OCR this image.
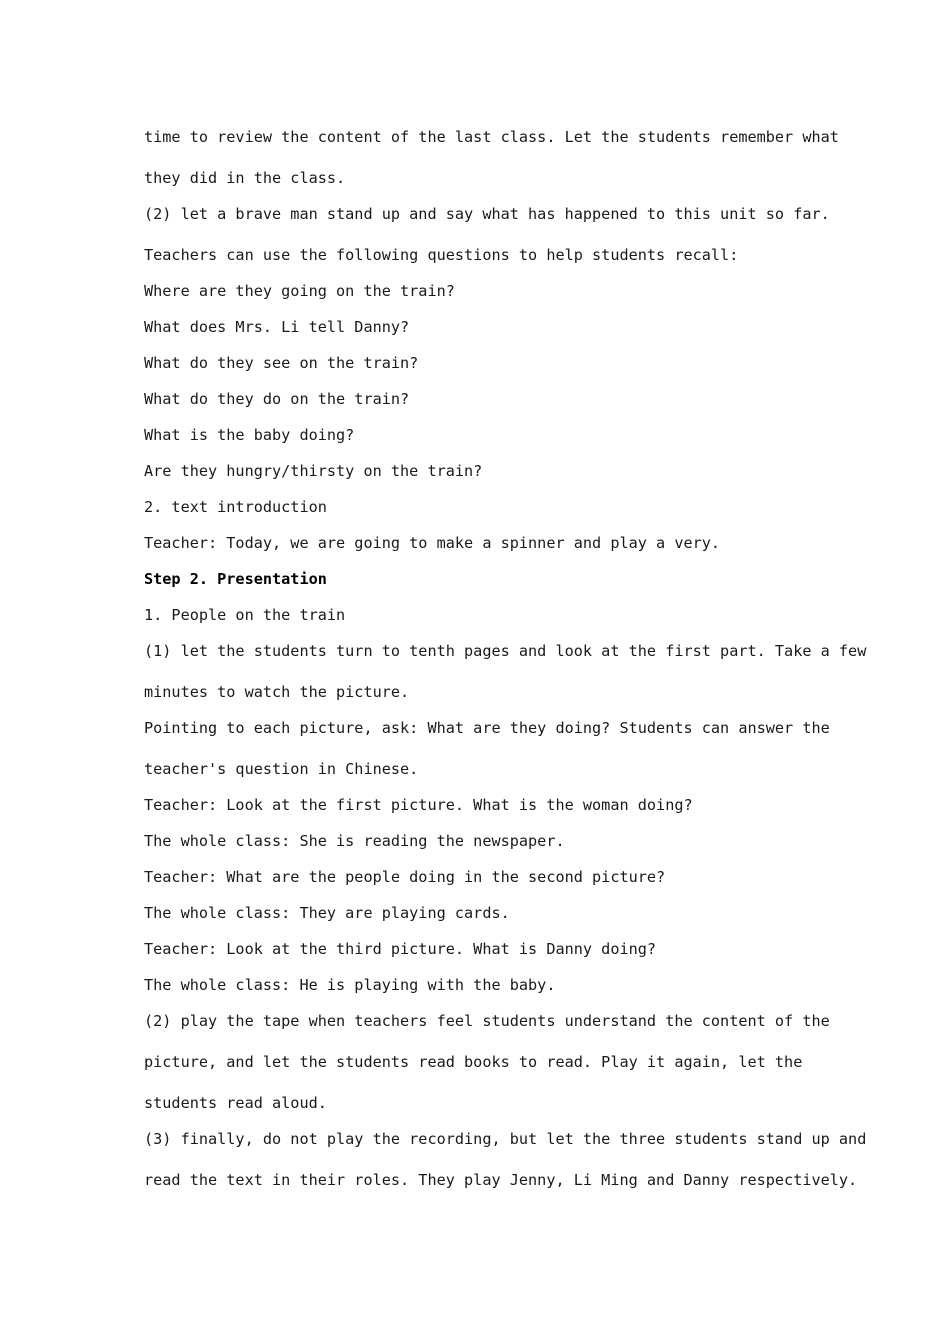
time to review the content of the last class. Let the students remember what
they did in the class.
(2) let a brave man stand up and say what has happened to this unit so far.
Teachers can use the following questions to help students recall:
Where are they going on the train?
What does Mrs. Li tell Danny?
What do they see on the train?
What do they do on the train?
What is the baby doing?
Are they hungry/thirsty on the train?
2. text introduction
Teacher: Today, we are going to make a spinner and play a very.
Step 2. Presentation
1. People on the train
(1) let the students turn to tenth pages and look at the first part. Take a few
minutes to watch the picture.
Pointing to each picture, ask: What are they doing? Students can answer the
teacher's question in Chinese.
Teacher: Look at the first picture. What is the woman doing?
The whole class: She is reading the newspaper.
Teacher: What are the people doing in the second picture?
The whole class: They are playing cards.
Teacher: Look at the third picture. What is Danny doing?
The whole class: He is playing with the baby.
(2) play the tape when teachers feel students understand the content of the
picture, and let the students read books to read. Play it again, let the
students read aloud.
(3) finally, do not play the recording, but let the three students stand up and
read the text in their roles. They play Jenny, Li Ming and Danny respectively.
